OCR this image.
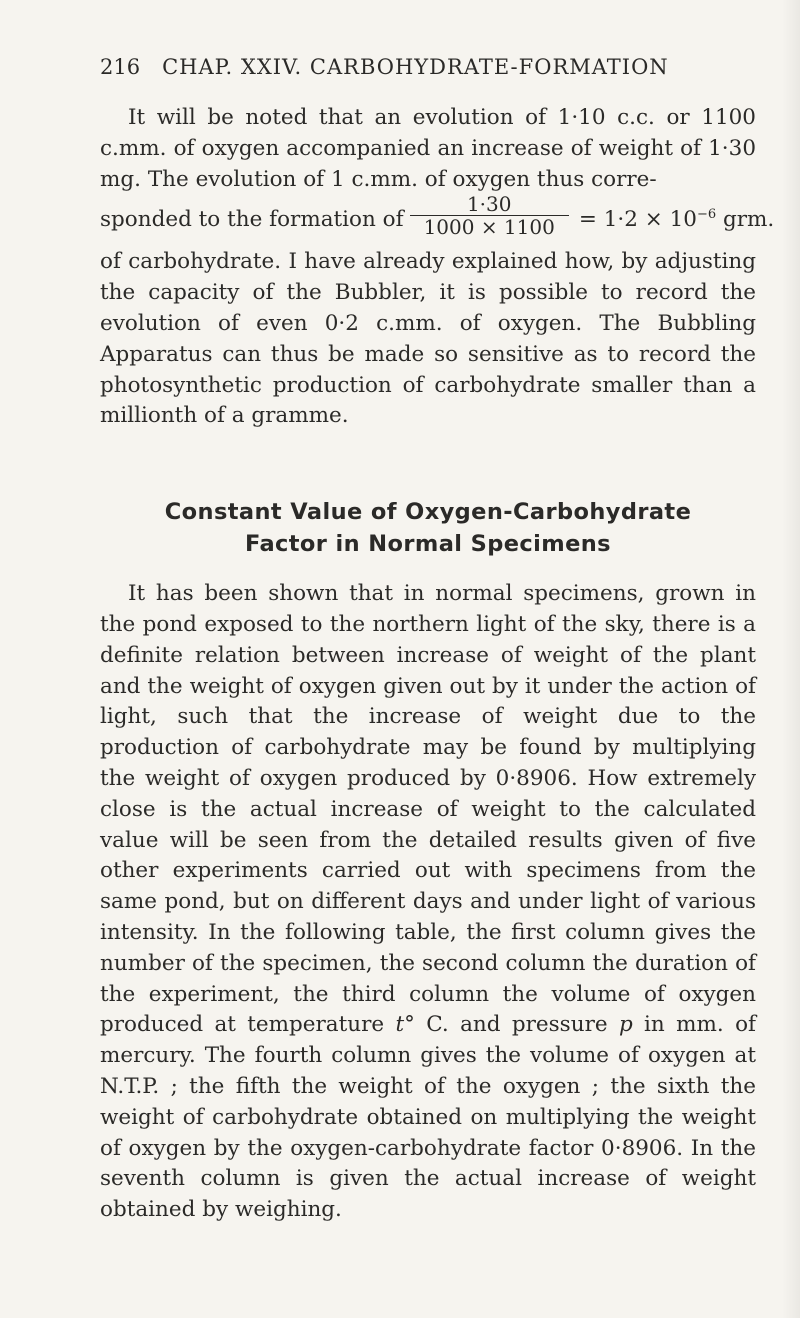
216 CHAP. XXIV. CARBOHYDRATE-FORMATION

It will be noted that an evolution of 1·10 c.c. or 1100 c.mm. of oxygen accompanied an increase of weight of 1·30 mg. The evolution of 1 c.mm. of oxygen thus corre-

sponded to the formation of $\frac{1\cdot 30}{1000 \times 1100} = 1\cdot 2 \times 10^{-6}$ grm.

of carbohydrate. I have already explained how, by adjusting the capacity of the Bubbler, it is possible to record the evolution of even 0·2 c.mm. of oxygen. The Bubbling Apparatus can thus be made so sensitive as to record the photosynthetic production of carbohydrate smaller than a millionth of a gramme.

Constant Value of Oxygen-Carbohydrate
Factor in Normal Specimens

It has been shown that in normal specimens, grown in the pond exposed to the northern light of the sky, there is a definite relation between increase of weight of the plant and the weight of oxygen given out by it under the action of light, such that the increase of weight due to the production of carbohydrate may be found by multiplying the weight of oxygen produced by 0·8906. How extremely close is the actual increase of weight to the calculated value will be seen from the detailed results given of five other experiments carried out with specimens from the same pond, but on different days and under light of various intensity. In the following table, the first column gives the number of the specimen, the second column the duration of the experiment, the third column the volume of oxygen produced at temperature t° C. and pressure p in mm. of mercury. The fourth column gives the volume of oxygen at N.T.P. ; the fifth the weight of the oxygen ; the sixth the weight of carbohydrate obtained on multiplying the weight of oxygen by the oxygen-carbohydrate factor 0·8906. In the seventh column is given the actual increase of weight obtained by weighing.
